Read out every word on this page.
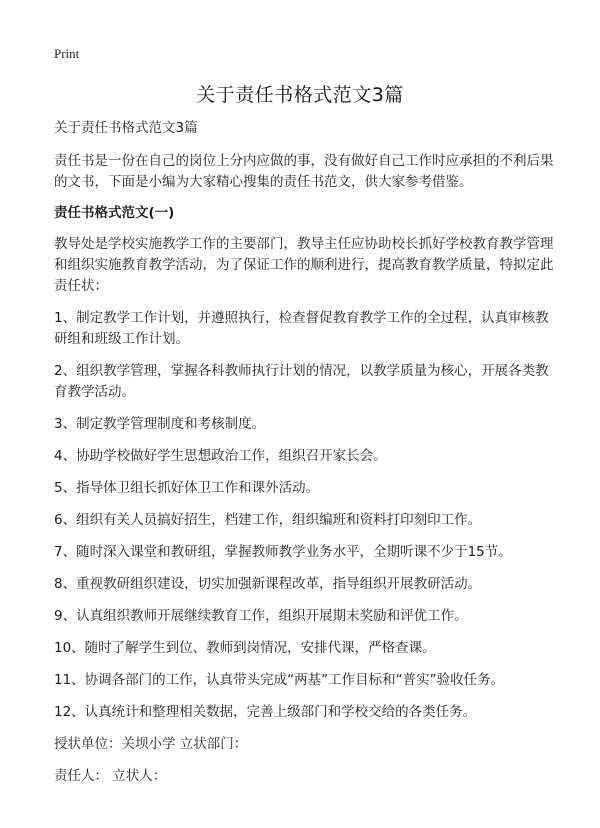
Print
关于责任书格式范文3篇

关于责任书格式范文3篇

责任书是一份在自己的岗位上分内应做的事，没有做好自己工作时应承担的不利后果的文书，下面是小编为大家精心搜集的责任书范文，供大家参考借鉴。

责任书格式范文(一)

教导处是学校实施教学工作的主要部门，教导主任应协助校长抓好学校教育教学管理和组织实施教育教学活动，为了保证工作的顺利进行，提高教育教学质量，特拟定此责任状：

1、制定教学工作计划，并遵照执行，检查督促教育教学工作的全过程，认真审核教研组和班级工作计划。

2、组织教学管理，掌握各科教师执行计划的情况，以教学质量为核心，开展各类教育教学活动。

3、制定教学管理制度和考核制度。

4、协助学校做好学生思想政治工作，组织召开家长会。

5、指导体卫组长抓好体卫工作和课外活动。

6、组织有关人员搞好招生，档建工作，组织编班和资料打印刻印工作。

7、随时深入课堂和教研组，掌握教师教学业务水平，全期听课不少于15节。

8、重视教研组织建设，切实加强新课程改革，指导组织开展教研活动。

9、认真组织教师开展继续教育工作，组织开展期末奖励和评优工作。

10、随时了解学生到位、教师到岗情况，安排代课，严格查课。

11、协调各部门的工作，认真带头完成“两基”工作目标和“普实”验收任务。

12、认真统计和整理相关数据，完善上级部门和学校交给的各类任务。

授状单位：关坝小学 立状部门：

责任人： 立状人：
